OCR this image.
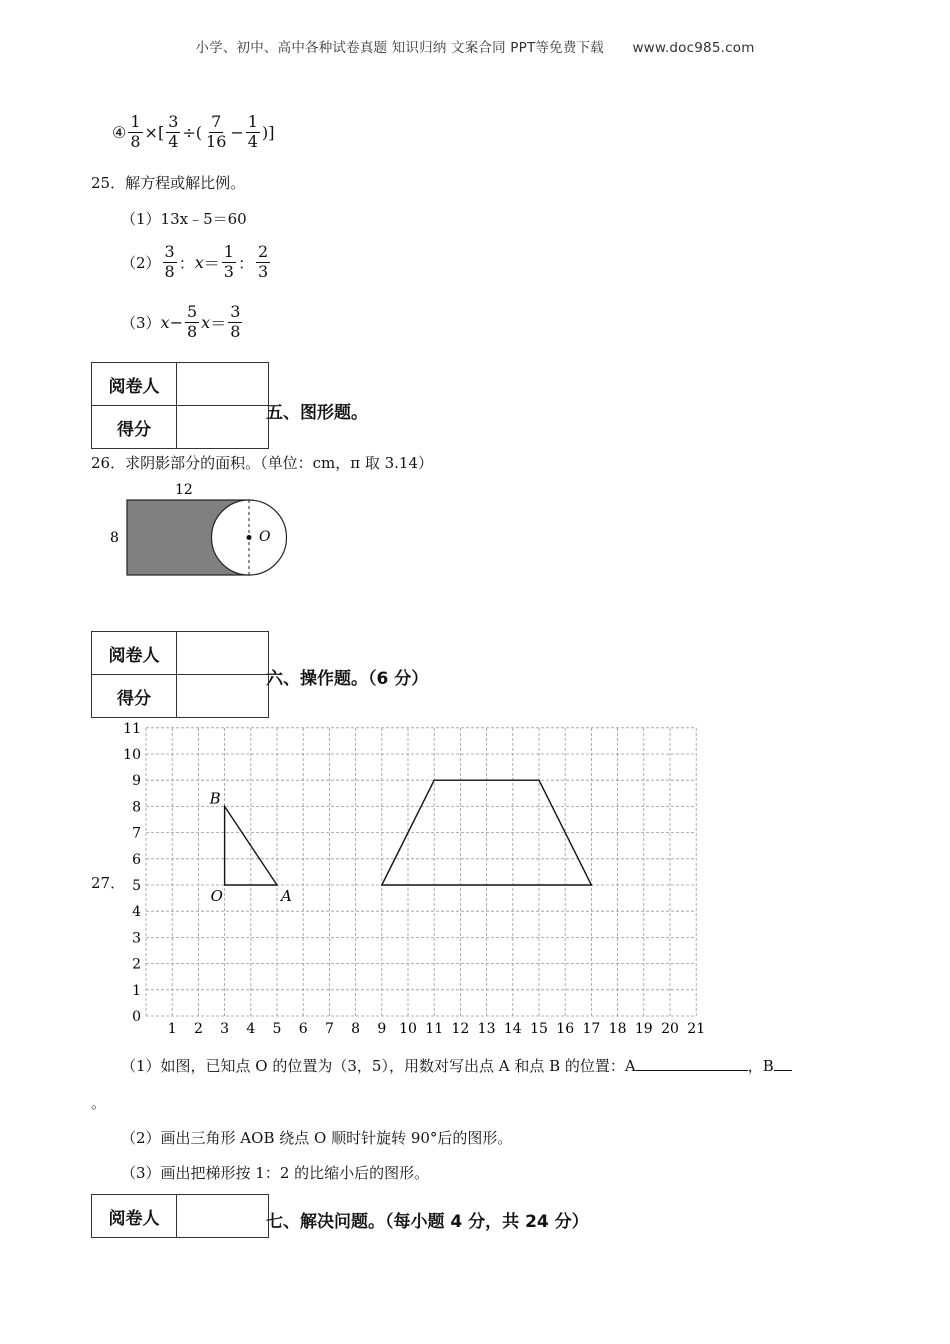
小学、初中、高中各种试卷真题 知识归纳 文案合同 PPT等免费下载 www.doc985.com
④ $\frac{1}{8}$ ×[ $\frac{3}{4}$ ÷( $\frac{7}{16} - \frac{1}{4}$ )]
25．解方程或解比例。
（1）13x﹣5＝60
$(2) \frac{3}{8}$ ： $x = \frac{1}{3}$ ： $\frac{2}{3}$
（3） $x - \frac{5}{8}$ $x = \frac{3}{8}$
阅卷人	
得分	
五、图形题。
26．求阴影部分的面积。（单位：cm，π 取 3.14）
12
8	O
阅卷人	
得分	
六、操作题。（6 分）
27．
1 2 3 4 5 6 7 8 9 10 11 12 13 14 15 16 17 18 19 20 21
0
1
2
3
4
5
6
7
8
9
10
11
B
O	A
（1）如图，已知点 O 的位置为（3，5），用数对写出点 A 和点 B 的位置：A	，B
。
（2）画出三角形 AOB 绕点 O 顺时针旋转 90°后的图形。
（3）画出把梯形按 1：2 的比缩小后的图形。
阅卷人		七、解决问题。（每小题 4 分，共 24 分）
